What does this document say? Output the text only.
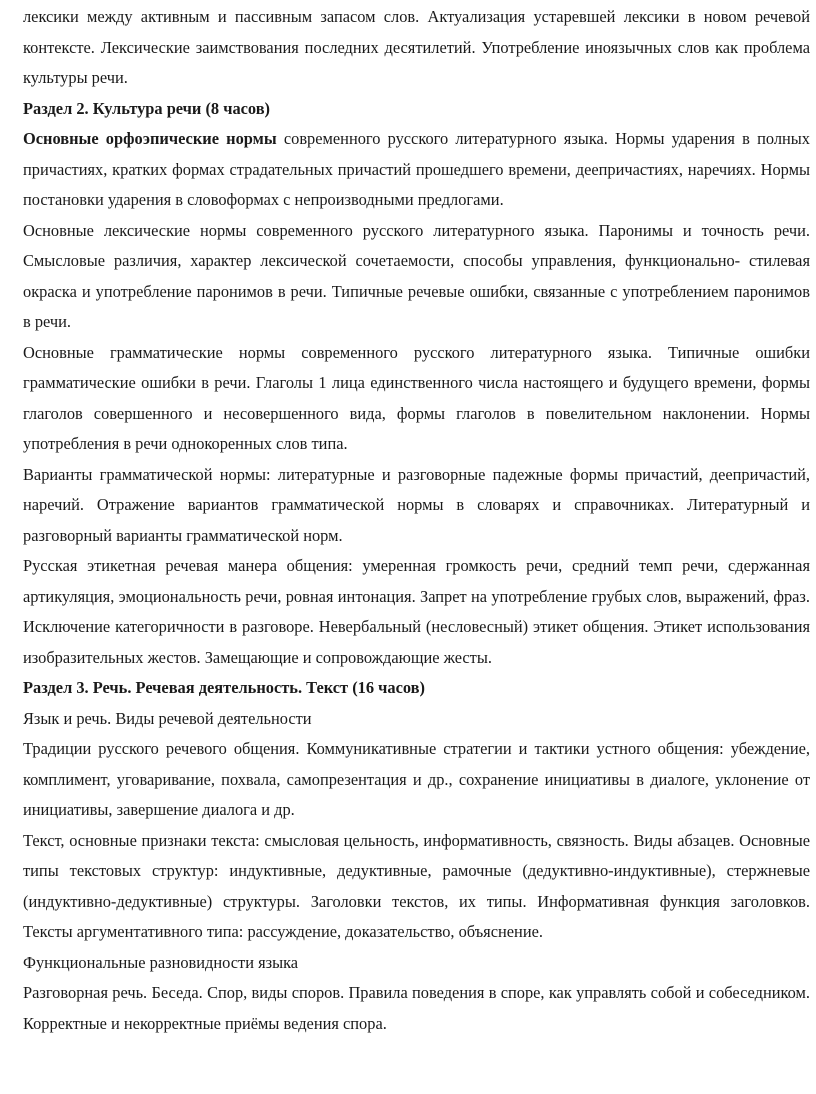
лексики между активным и пассивным запасом слов. Актуализация устаревшей лексики в новом речевой контексте. Лексические заимствования последних десятилетий. Употребление иноязычных слов как проблема культуры речи.

Раздел 2. Культура речи (8 часов)

Основные орфоэпические нормы современного русского литературного языка. Нормы ударения в полных причастиях, кратких формах страдательных причастий прошедшего времени, деепричастиях, наречиях. Нормы постановки ударения в словоформах с непроизводными предлогами.

Основные лексические нормы современного русского литературного языка. Паронимы и точность речи. Смысловые различия, характер лексической сочетаемости, способы управления, функционально- стилевая окраска и употребление паронимов в речи. Типичные речевые ошибки, связанные с употреблением паронимов в речи.

Основные грамматические нормы современного русского литературного языка. Типичные ошибки грамматические ошибки в речи. Глаголы 1 лица единственного числа настоящего и будущего времени, формы глаголов совершенного и несовершенного вида, формы глаголов в повелительном наклонении. Нормы употребления в речи однокоренных слов типа.

Варианты грамматической нормы: литературные и разговорные падежные формы причастий, деепричастий, наречий. Отражение вариантов грамматической нормы в словарях и справочниках. Литературный и разговорный варианты грамматической норм.

Русская этикетная речевая манера общения: умеренная громкость речи, средний темп речи, сдержанная артикуляция, эмоциональность речи, ровная интонация. Запрет на употребление грубых слов, выражений, фраз. Исключение категоричности в разговоре. Невербальный (несловесный) этикет общения. Этикет использования изобразительных жестов. Замещающие и сопровождающие жесты.

Раздел 3. Речь. Речевая деятельность. Текст (16 часов)

Язык и речь. Виды речевой деятельности

Традиции русского речевого общения. Коммуникативные стратегии и тактики устного общения: убеждение, комплимент, уговаривание, похвала, самопрезентация и др., сохранение инициативы в диалоге, уклонение от инициативы, завершение диалога и др.

Текст, основные признаки текста: смысловая цельность, информативность, связность. Виды абзацев. Основные типы текстовых структур: индуктивные, дедуктивные, рамочные (дедуктивно-индуктивные), стержневые (индуктивно-дедуктивные) структуры. Заголовки текстов, их типы. Информативная функция заголовков. Тексты аргументативного типа: рассуждение, доказательство, объяснение.

Функциональные разновидности языка

Разговорная речь. Беседа. Спор, виды споров. Правила поведения в споре, как управлять собой и собеседником. Корректные и некорректные приёмы ведения спора.
